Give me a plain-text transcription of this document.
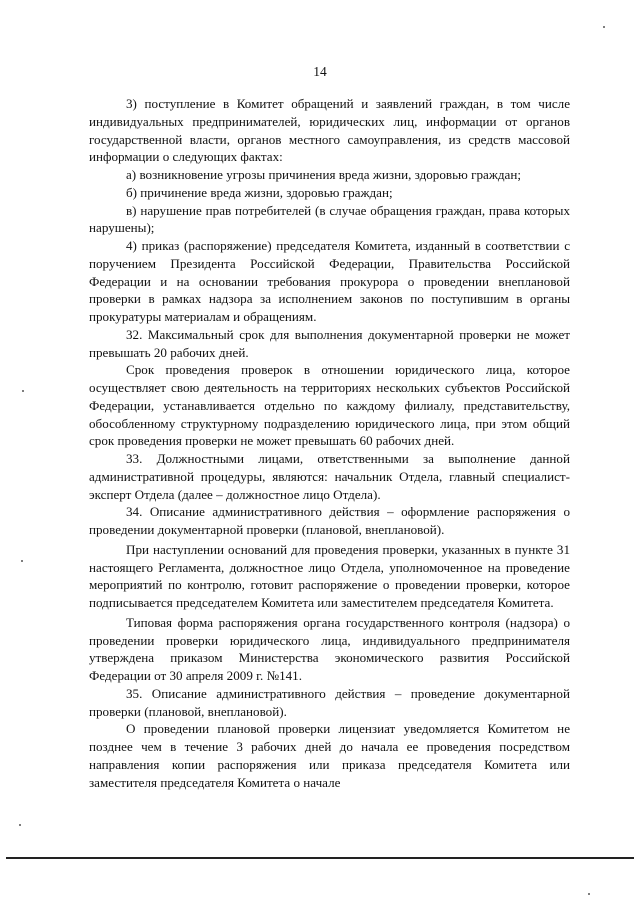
14

3) поступление в Комитет обращений и заявлений граждан, в том числе индивидуальных предпринимателей, юридических лиц, информации от органов государственной власти, органов местного самоуправления, из средств массовой информации о следующих фактах:

а) возникновение угрозы причинения вреда жизни, здоровью граждан;

б) причинение вреда жизни, здоровью граждан;

в) нарушение прав потребителей (в случае обращения граждан, права которых нарушены);

4) приказ (распоряжение) председателя Комитета, изданный в соответствии с поручением Президента Российской Федерации, Правительства Российской Федерации и на основании требования прокурора о проведении внеплановой проверки в рамках надзора за исполнением законов по поступившим в органы прокуратуры материалам и обращениям.

32. Максимальный срок для выполнения документарной проверки не может превышать 20 рабочих дней.

Срок проведения проверок в отношении юридического лица, которое осуществляет свою деятельность на территориях нескольких субъектов Российской Федерации, устанавливается отдельно по каждому филиалу, представительству, обособленному структурному подразделению юридического лица, при этом общий срок проведения проверки не может превышать 60 рабочих дней.

33. Должностными лицами, ответственными за выполнение данной административной процедуры, являются: начальник Отдела, главный специалист-эксперт Отдела (далее – должностное лицо Отдела).

34. Описание административного действия – оформление распоряжения о проведении документарной проверки (плановой, внеплановой).

При наступлении оснований для проведения проверки, указанных в пункте 31 настоящего Регламента, должностное лицо Отдела, уполномоченное на проведение мероприятий по контролю, готовит распоряжение о проведении проверки, которое подписывается председателем Комитета или заместителем председателя Комитета.

Типовая форма распоряжения органа государственного контроля (надзора) о проведении проверки юридического лица, индивидуального предпринимателя утверждена приказом Министерства экономического развития Российской Федерации от 30 апреля 2009 г. №141.

35. Описание административного действия – проведение документарной проверки (плановой, внеплановой).

О проведении плановой проверки лицензиат уведомляется Комитетом не позднее чем в течение 3 рабочих дней до начала ее проведения посредством направления копии распоряжения или приказа председателя Комитета или заместителя председателя Комитета о начале
